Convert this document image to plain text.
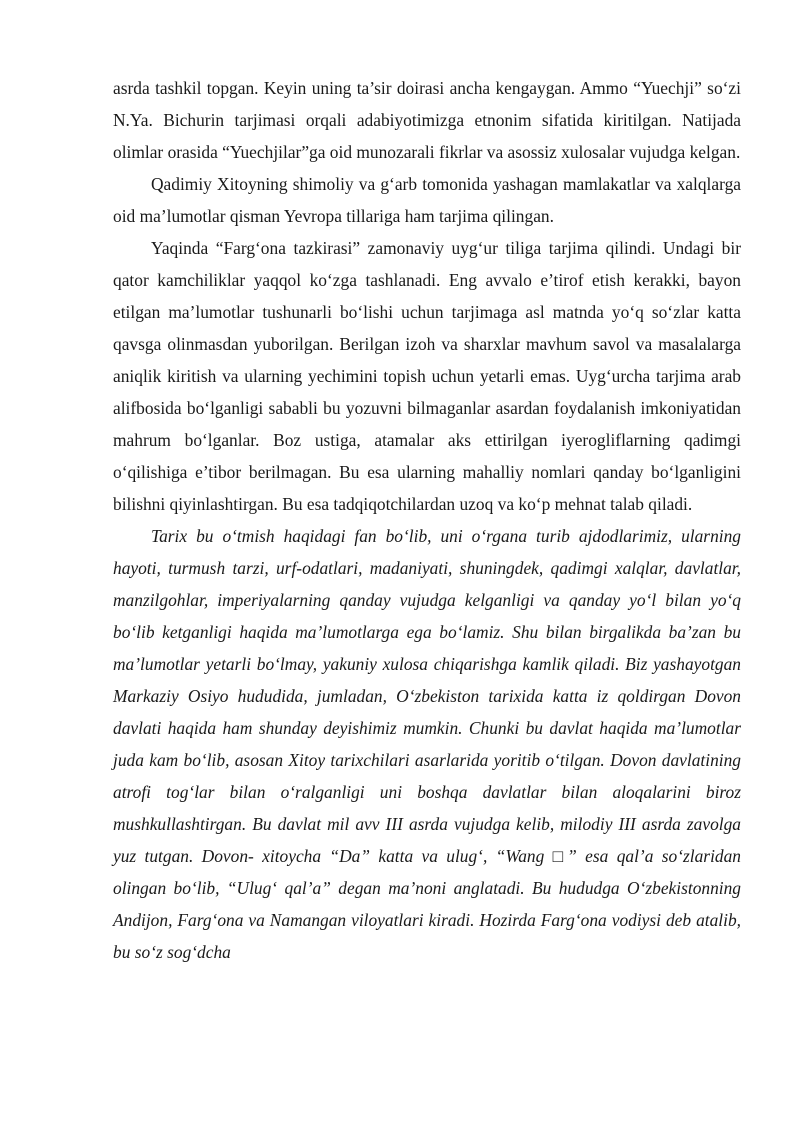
asrda tashkil topgan. Keyin uning ta’sir doirasi ancha kengaygan. Ammo “Yuechji” so‘zi N.Ya. Bichurin tarjimasi orqali adabiyotimizga etnonim sifatida kiritilgan. Natijada olimlar orasida “Yuechjilar”ga oid munozarali fikrlar va asossiz xulosalar vujudga kelgan.

Qadimiy Xitoyning shimoliy va g‘arb tomonida yashagan mamlakatlar va xalqlarga oid ma’lumotlar qisman Yevropa tillariga ham tarjima qilingan.

Yaqinda “Farg‘ona tazkirasi” zamonaviy uyg‘ur tiliga tarjima qilindi. Undagi bir qator kamchiliklar yaqqol ko‘zga tashlanadi. Eng avvalo e’tirof etish kerakki, bayon etilgan ma’lumotlar tushunarli bo‘lishi uchun tarjimaga asl matnda yo‘q so‘zlar katta qavsga olinmasdan yuborilgan. Berilgan izoh va sharxlar mavhum savol va masalalarga aniqlik kiritish va ularning yechimini topish uchun yetarli emas. Uyg‘urcha tarjima arab alifbosida bo‘lganligi sababli bu yozuvni bilmaganlar asardan foydalanish imkoniyatidan mahrum bo‘lganlar. Boz ustiga, atamalar aks ettirilgan iyerogliflarning qadimgi o‘qilishiga e’tibor berilmagan. Bu esa ularning mahalliy nomlari qanday bo‘lganligini bilishni qiyinlashtirgan. Bu esa tadqiqotchilardan uzoq va ko‘p mehnat talab qiladi.

Tarix bu o‘tmish haqidagi fan bo‘lib, uni o‘rgana turib ajdodlarimiz, ularning hayoti, turmush tarzi, urf-odatlari, madaniyati, shuningdek, qadimgi xalqlar, davlatlar, manzilgohlar, imperiyalarning qanday vujudga kelganligi va qanday yo‘l bilan yo‘q bo‘lib ketganligi haqida ma’lumotlarga ega bo‘lamiz. Shu bilan birgalikda ba’zan bu ma’lumotlar yetarli bo‘lmay, yakuniy xulosa chiqarishga kamlik qiladi. Biz yashayotgan Markaziy Osiyo hududida, jumladan, O‘zbekiston tarixida katta iz qoldirgan Dovon davlati haqida ham shunday deyishimiz mumkin. Chunki bu davlat haqida ma’lumotlar juda kam bo‘lib, asosan Xitoy tarixchilari asarlarida yoritib o‘tilgan. Dovon davlatining atrofi tog‘lar bilan o‘ralganligi uni boshqa davlatlar bilan aloqalarini biroz mushkullashtirgan. Bu davlat mil avv III asrda vujudga kelib, milodiy III asrda zavolga yuz tutgan. Dovon- xitoycha “Da” katta va ulug‘, “Wang □” esa qal’a so‘zlaridan olingan bo‘lib, “Ulug‘ qal’a” degan ma’noni anglatadi. Bu hududga O‘zbekistonning Andijon, Farg‘ona va Namangan viloyatlari kiradi. Hozirda Farg‘ona vodiysi deb atalib, bu so‘z sog‘dcha
